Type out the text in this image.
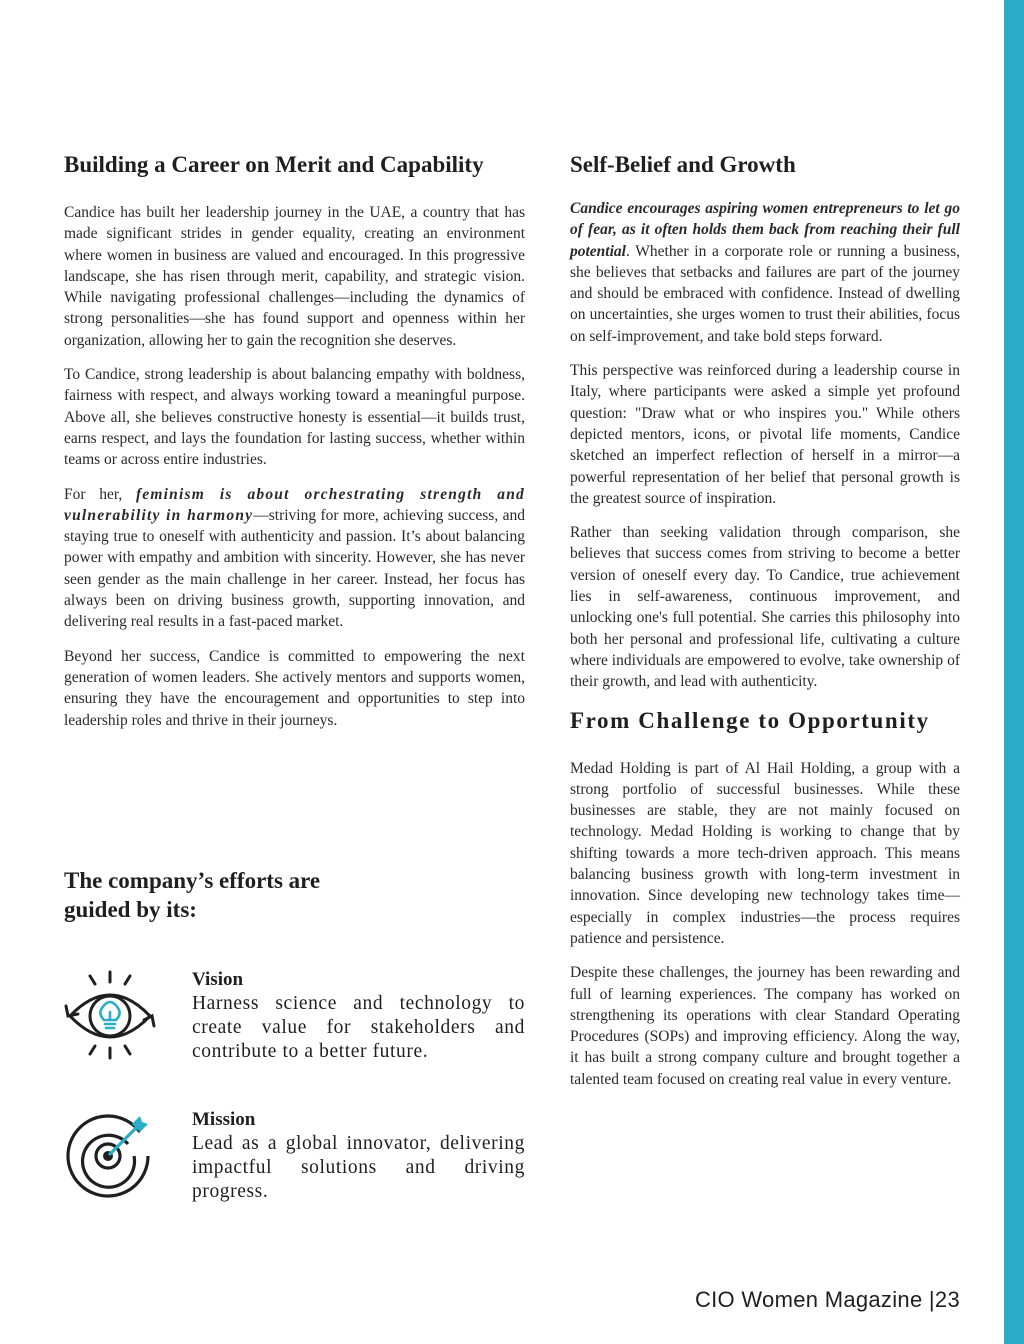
Building a Career on Merit and Capability

Candice has built her leadership journey in the UAE, a country that has made significant strides in gender equality, creating an environment where women in business are valued and encouraged. In this progressive landscape, she has risen through merit, capability, and strategic vision. While navigating professional challenges—including the dynamics of strong personalities—she has found support and openness within her organization, allowing her to gain the recognition she deserves.

To Candice, strong leadership is about balancing empathy with boldness, fairness with respect, and always working toward a meaningful purpose. Above all, she believes constructive honesty is essential—it builds trust, earns respect, and lays the foundation for lasting success, whether within teams or across entire industries.

For her, feminism is about orchestrating strength and vulnerability in harmony—striving for more, achieving success, and staying true to oneself with authenticity and passion. It’s about balancing power with empathy and ambition with sincerity. However, she has never seen gender as the main challenge in her career. Instead, her focus has always been on driving business growth, supporting innovation, and delivering real results in a fast-paced market.

Beyond her success, Candice is committed to empowering the next generation of women leaders. She actively mentors and supports women, ensuring they have the encouragement and opportunities to step into leadership roles and thrive in their journeys.

The company’s efforts are
guided by its:
Vision
Harness science and technology to create value for stakeholders and contribute to a better future.
Mission
Lead as a global innovator, delivering impactful solutions and driving progress.
Self-Belief and Growth

Candice encourages aspiring women entrepreneurs to let go of fear, as it often holds them back from reaching their full potential. Whether in a corporate role or running a business, she believes that setbacks and failures are part of the journey and should be embraced with confidence. Instead of dwelling on uncertainties, she urges women to trust their abilities, focus on self-improvement, and take bold steps forward.

This perspective was reinforced during a leadership course in Italy, where participants were asked a simple yet profound question: "Draw what or who inspires you." While others depicted mentors, icons, or pivotal life moments, Candice sketched an imperfect reflection of herself in a mirror—a powerful representation of her belief that personal growth is the greatest source of inspiration.

Rather than seeking validation through comparison, she believes that success comes from striving to become a better version of oneself every day. To Candice, true achievement lies in self-awareness, continuous improvement, and unlocking one's full potential. She carries this philosophy into both her personal and professional life, cultivating a culture where individuals are empowered to evolve, take ownership of their growth, and lead with authenticity.

From Challenge to Opportunity

Medad Holding is part of Al Hail Holding, a group with a strong portfolio of successful businesses. While these businesses are stable, they are not mainly focused on technology. Medad Holding is working to change that by shifting towards a more tech-driven approach. This means balancing business growth with long-term investment in innovation. Since developing new technology takes time—especially in complex industries—the process requires patience and persistence.

Despite these challenges, the journey has been rewarding and full of learning experiences. The company has worked on strengthening its operations with clear Standard Operating Procedures (SOPs) and improving efficiency. Along the way, it has built a strong company culture and brought together a talented team focused on creating real value in every venture.

CIO Women Magazine |23
